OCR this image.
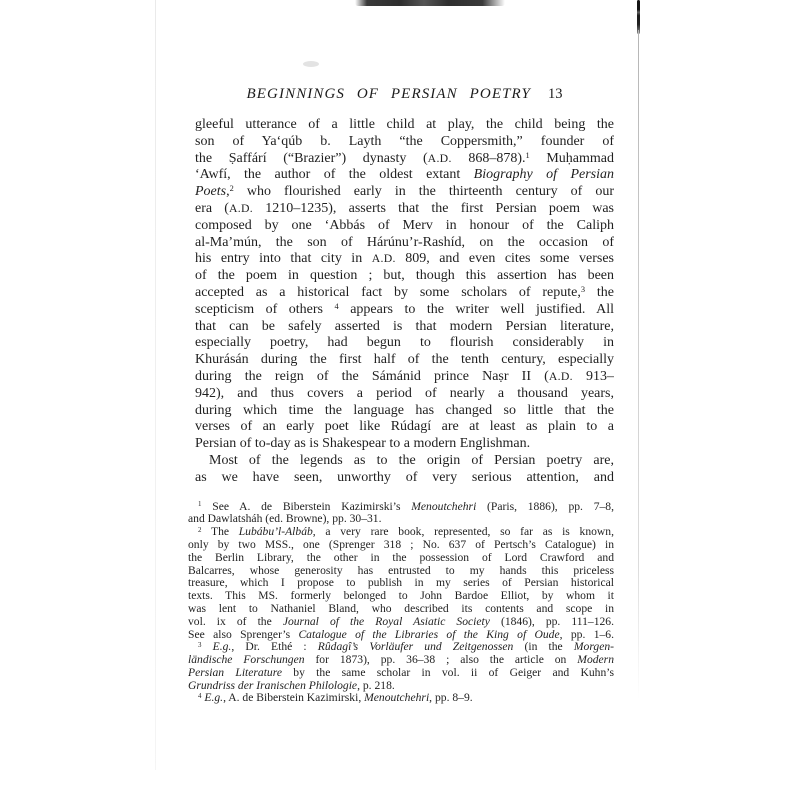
BEGINNINGS OF PERSIAN POETRY 13
gleeful utterance of a little child at play, the child being the
son of Ya‘qúb b. Layth “the Coppersmith,” founder of
the Ṣaffárí (“Brazier”) dynasty (A.D. 868–878).$^1$ Muḥammad
‘Awfí, the author of the oldest extant Biography of Persian
Poets,$^2$ who flourished early in the thirteenth century of our
era (A.D. 1210–1235), asserts that the first Persian poem was
composed by one ‘Abbás of Merv in honour of the Caliph
al-Ma’mún, the son of Hárúnu’r-Rashíd, on the occasion of
his entry into that city in A.D. 809, and even cites some verses
of the poem in question ; but, though this assertion has been
accepted as a historical fact by some scholars of repute,$^3$ the
scepticism of others $^4$ appears to the writer well justified. All
that can be safely asserted is that modern Persian literature,
especially poetry, had begun to flourish considerably in
Khurásán during the first half of the tenth century, especially
during the reign of the Sámánid prince Naṣr II (A.D. 913–
942), and thus covers a period of nearly a thousand years,
during which time the language has changed so little that the
verses of an early poet like Rúdagí are at least as plain to a
Persian of to-day as is Shakespear to a modern Englishman.
Most of the legends as to the origin of Persian poetry are,
as we have seen, unworthy of very serious attention, and
$^1$ See A. de Biberstein Kazimirski’s Menoutchehri (Paris, 1886), pp. 7–8,
and Dawlatsháh (ed. Browne), pp. 30–31.
$^2$ The Lubábu’l-Albáb, a very rare book, represented, so far as is known,
only by two MSS., one (Sprenger 318 ; No. 637 of Pertsch’s Catalogue) in
the Berlin Library, the other in the possession of Lord Crawford and
Balcarres, whose generosity has entrusted to my hands this priceless
treasure, which I propose to publish in my series of Persian historical
texts. This MS. formerly belonged to John Bardoe Elliot, by whom it
was lent to Nathaniel Bland, who described its contents and scope in
vol. ix of the Journal of the Royal Asiatic Society (1846), pp. 111–126.
See also Sprenger’s Catalogue of the Libraries of the King of Oude, pp. 1–6.
$^3$ E.g., Dr. Ethé : Rûdagî’s Vorläufer und Zeitgenossen (in the Morgen-
ländische Forschungen for 1873), pp. 36–38 ; also the article on Modern
Persian Literature by the same scholar in vol. ii of Geiger and Kuhn’s
Grundriss der Iranischen Philologie, p. 218.
$^4$ E.g., A. de Biberstein Kazimirski, Menoutchehri, pp. 8–9.
